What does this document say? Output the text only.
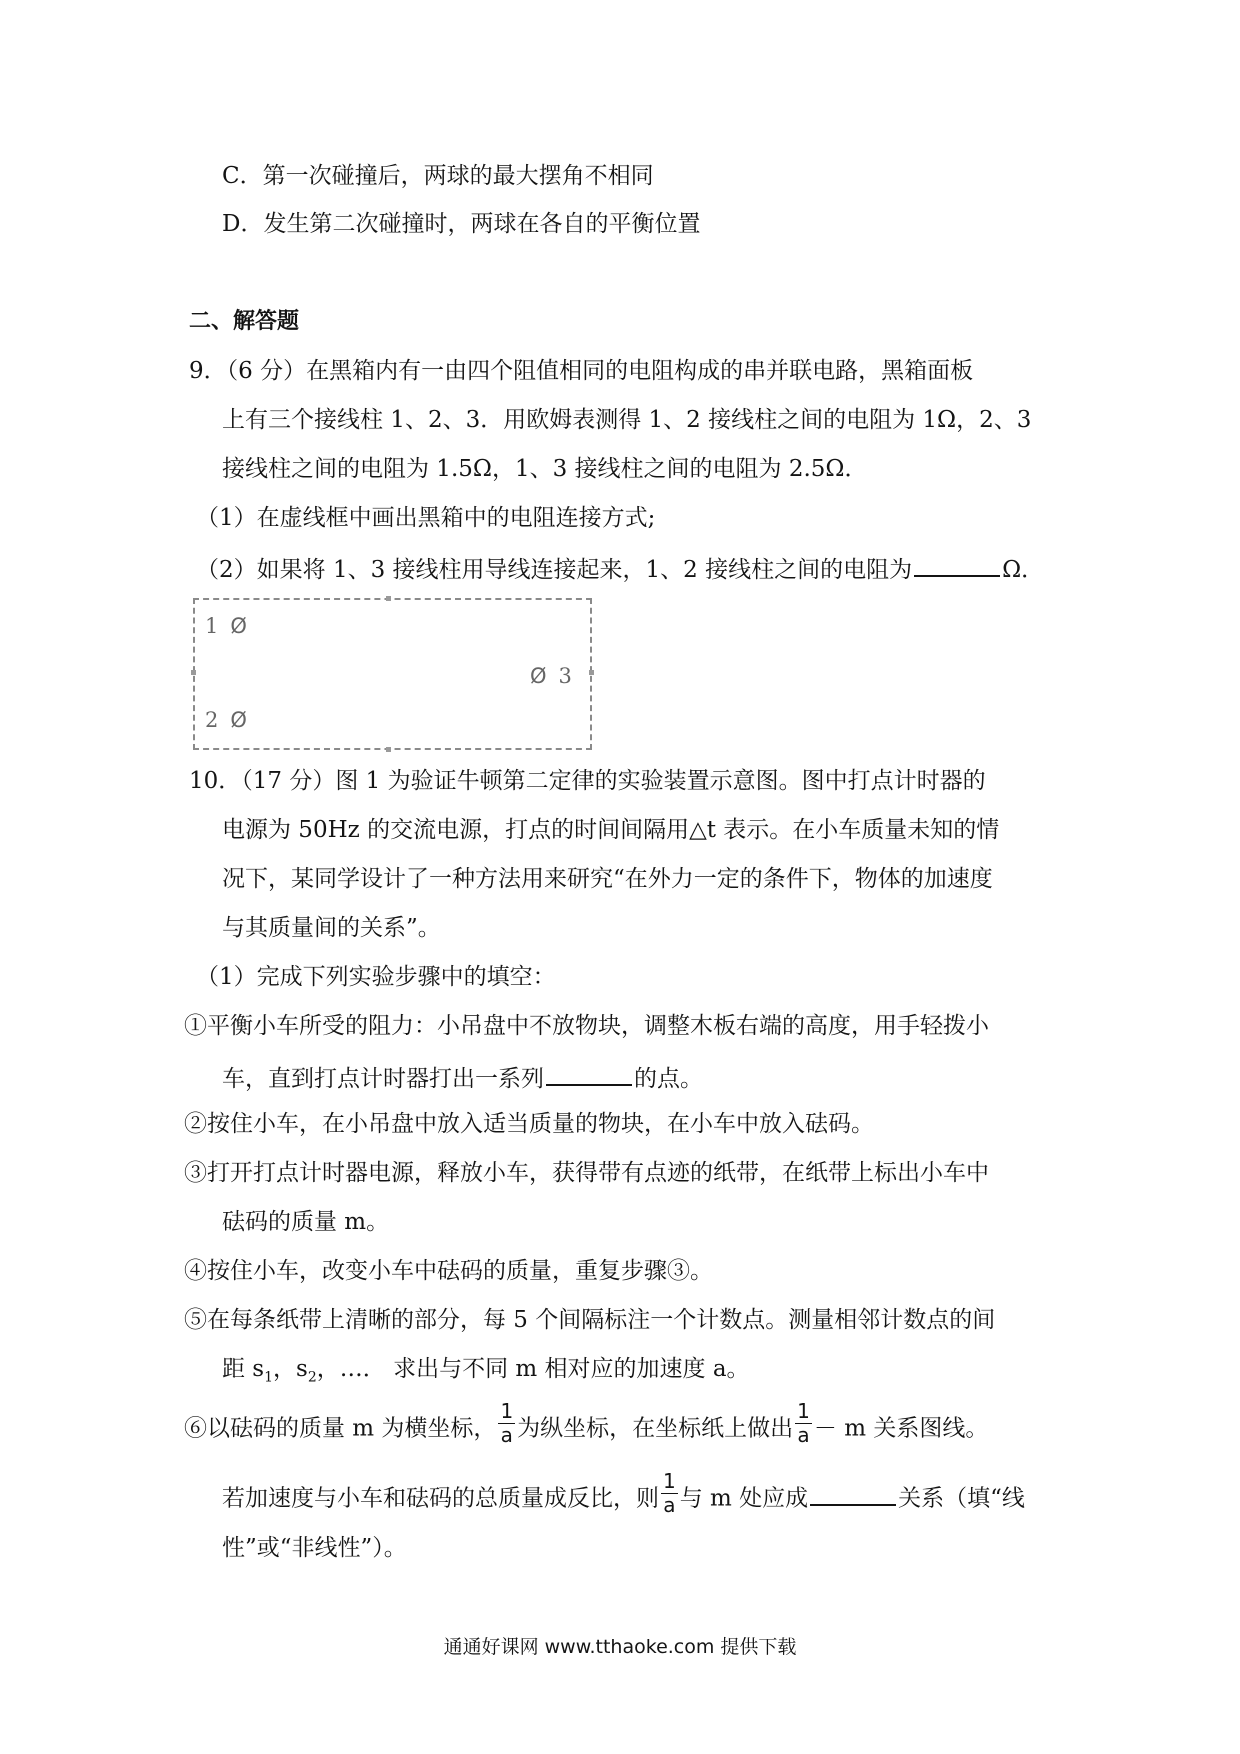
C．第一次碰撞后，两球的最大摆角不相同
D．发生第二次碰撞时，两球在各自的平衡位置
二、解答题
9．（6 分）在黑箱内有一由四个阻值相同的电阻构成的串并联电路，黑箱面板
上有三个接线柱 1、2、3．用欧姆表测得 1、2 接线柱之间的电阻为 1Ω，2、3
接线柱之间的电阻为 1.5Ω，1、3 接线柱之间的电阻为 2.5Ω．
（1）在虚线框中画出黑箱中的电阻连接方式;
（2）如果将 1、3 接线柱用导线连接起来，1、2 接线柱之间的电阻为	Ω．
1 Ø
Ø 3
2 Ø
10．（17 分）图 1 为验证牛顿第二定律的实验装置示意图。图中打点计时器的
电源为 50Hz 的交流电源，打点的时间间隔用△t 表示。在小车质量未知的情
况下，某同学设计了一种方法用来研究“在外力一定的条件下，物体的加速度
与其质量间的关系”。
（1）完成下列实验步骤中的填空：
①平衡小车所受的阻力：小吊盘中不放物块，调整木板右端的高度，用手轻拨小
车，直到打点计时器打出一系列	的点。
②按住小车，在小吊盘中放入适当质量的物块，在小车中放入砝码。
③打开打点计时器电源，释放小车，获得带有点迹的纸带，在纸带上标出小车中
砝码的质量 m。
④按住小车，改变小车中砝码的质量，重复步骤③。
⑤在每条纸带上清晰的部分，每 5 个间隔标注一个计数点。测量相邻计数点的间
距 $s_1$，$s_2$，…． 求出与不同 m 相对应的加速度 a。
⑥以砝码的质量 m 为横坐标， $\frac{1}{a}$ 为纵坐标，在坐标纸上做出 $\frac{1}{a} - m$ 关系图线。
若加速度与小车和砝码的总质量成反比，则 $\frac{1}{a}$ 与 m 处应成	关系（填“线
性”或“非线性”）。
通通好课网 www.tthaoke.com 提供下载
